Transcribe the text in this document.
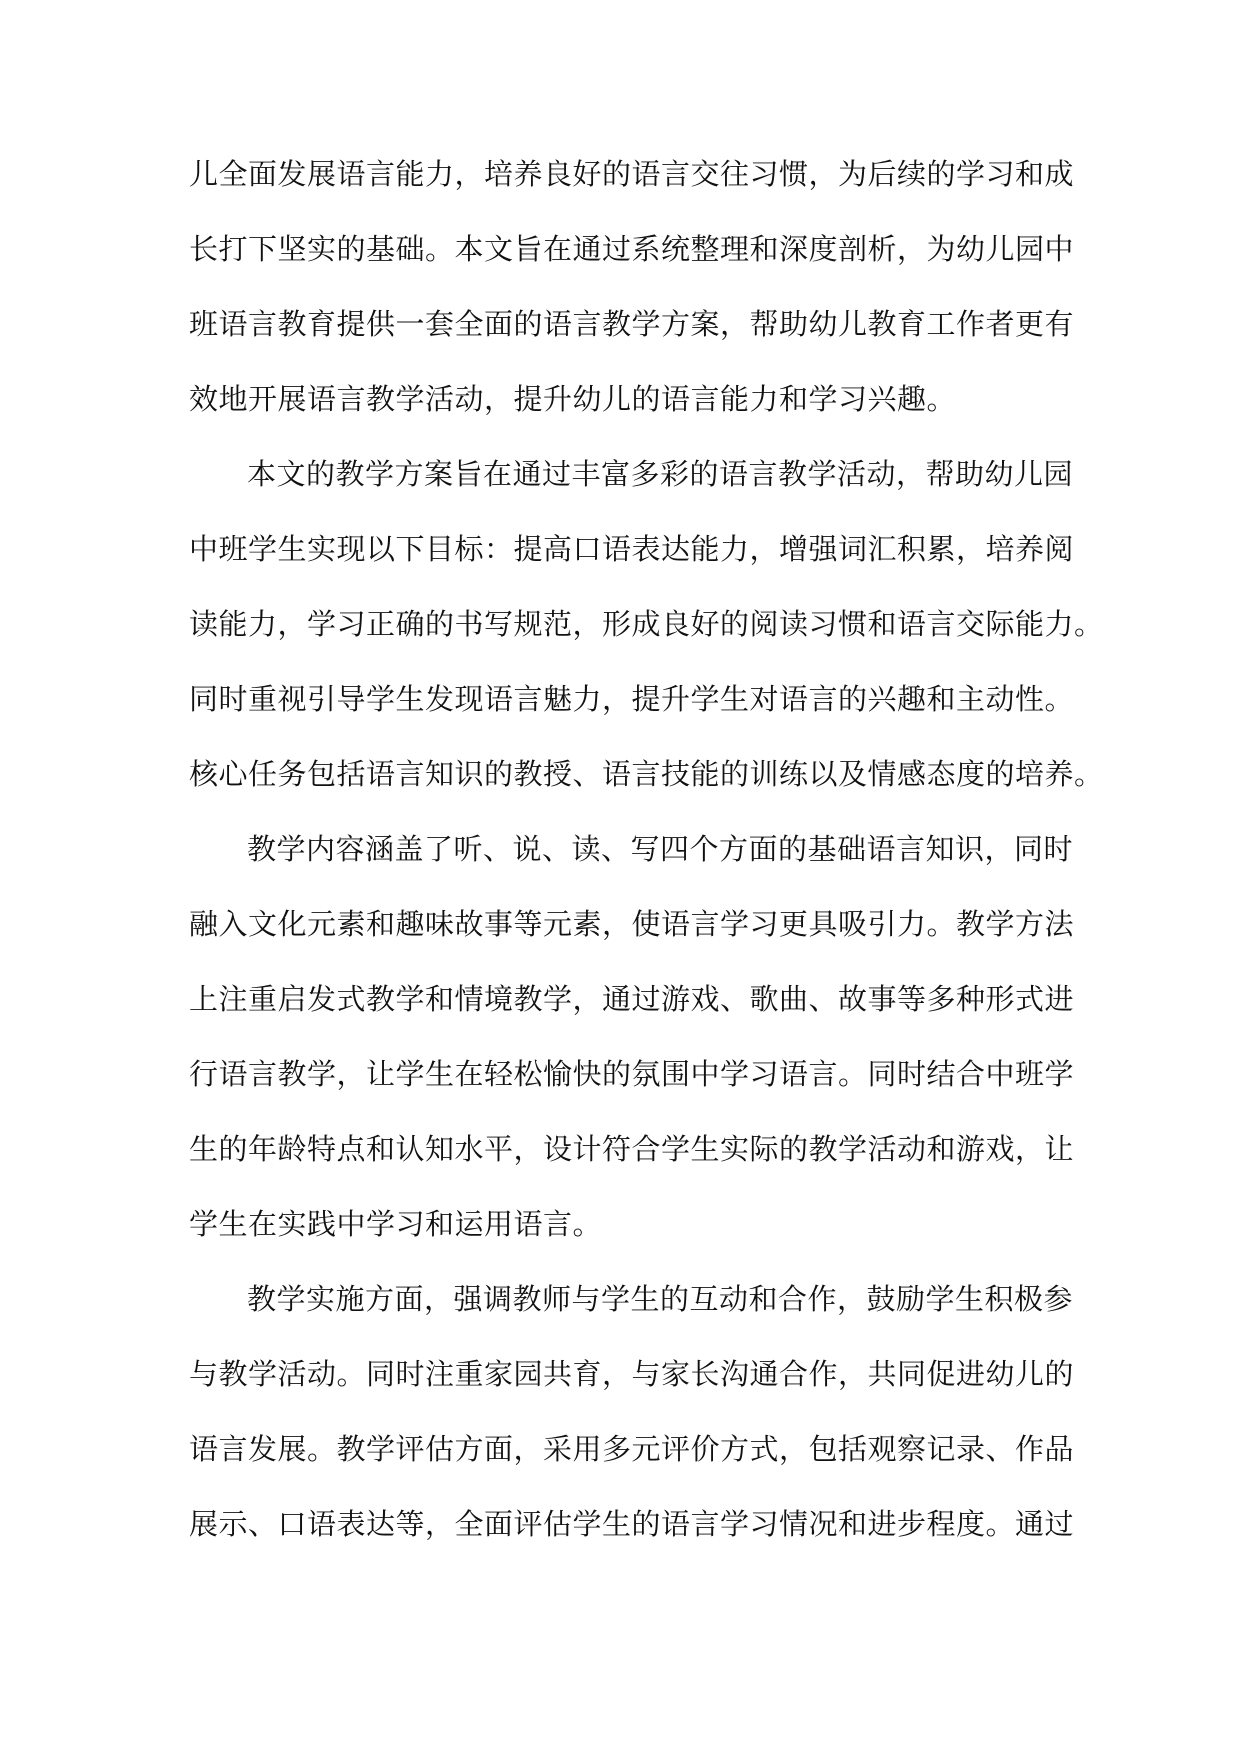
儿全面发展语言能力，培养良好的语言交往习惯，为后续的学习和成
长打下坚实的基础。本文旨在通过系统整理和深度剖析，为幼儿园中
班语言教育提供一套全面的语言教学方案，帮助幼儿教育工作者更有
效地开展语言教学活动，提升幼儿的语言能力和学习兴趣。
本文的教学方案旨在通过丰富多彩的语言教学活动，帮助幼儿园
中班学生实现以下目标：提高口语表达能力，增强词汇积累，培养阅
读能力，学习正确的书写规范，形成良好的阅读习惯和语言交际能力。
同时重视引导学生发现语言魅力，提升学生对语言的兴趣和主动性。
核心任务包括语言知识的教授、语言技能的训练以及情感态度的培养。
教学内容涵盖了听、说、读、写四个方面的基础语言知识，同时
融入文化元素和趣味故事等元素，使语言学习更具吸引力。教学方法
上注重启发式教学和情境教学，通过游戏、歌曲、故事等多种形式进
行语言教学，让学生在轻松愉快的氛围中学习语言。同时结合中班学
生的年龄特点和认知水平，设计符合学生实际的教学活动和游戏，让
学生在实践中学习和运用语言。
教学实施方面，强调教师与学生的互动和合作，鼓励学生积极参
与教学活动。同时注重家园共育，与家长沟通合作，共同促进幼儿的
语言发展。教学评估方面，采用多元评价方式，包括观察记录、作品
展示、口语表达等，全面评估学生的语言学习情况和进步程度。通过
